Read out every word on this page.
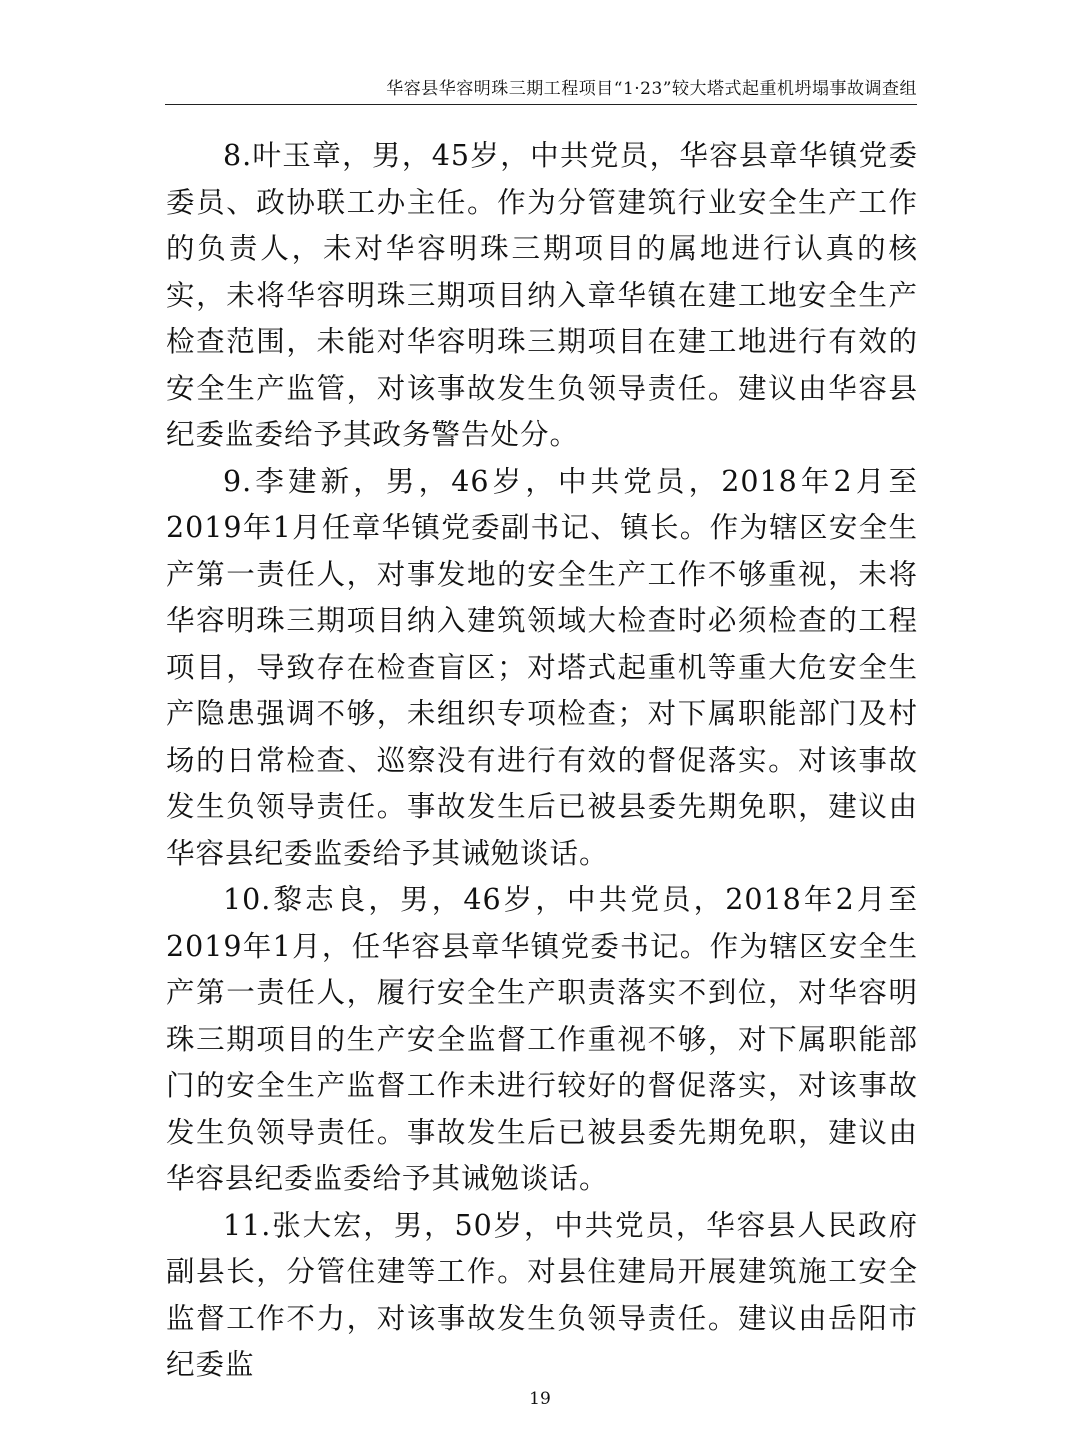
华容县华容明珠三期工程项目“1·23”较大塔式起重机坍塌事故调查组

8.叶玉章，男，45岁，中共党员，华容县章华镇党委委员、政协联工办主任。作为分管建筑行业安全生产工作的负责人，未对华容明珠三期项目的属地进行认真的核实，未将华容明珠三期项目纳入章华镇在建工地安全生产检查范围，未能对华容明珠三期项目在建工地进行有效的安全生产监管，对该事故发生负领导责任。建议由华容县纪委监委给予其政务警告处分。

9.李建新，男，46岁，中共党员，2018年2月至2019年1月任章华镇党委副书记、镇长。作为辖区安全生产第一责任人，对事发地的安全生产工作不够重视，未将华容明珠三期项目纳入建筑领域大检查时必须检查的工程项目，导致存在检查盲区；对塔式起重机等重大危安全生产隐患强调不够，未组织专项检查；对下属职能部门及村场的日常检查、巡察没有进行有效的督促落实。对该事故发生负领导责任。事故发生后已被县委先期免职，建议由华容县纪委监委给予其诫勉谈话。

10.黎志良，男，46岁，中共党员，2018年2月至2019年1月，任华容县章华镇党委书记。作为辖区安全生产第一责任人，履行安全生产职责落实不到位，对华容明珠三期项目的生产安全监督工作重视不够，对下属职能部门的安全生产监督工作未进行较好的督促落实，对该事故发生负领导责任。事故发生后已被县委先期免职，建议由华容县纪委监委给予其诫勉谈话。

11.张大宏，男，50岁，中共党员，华容县人民政府副县长，分管住建等工作。对县住建局开展建筑施工安全监督工作不力，对该事故发生负领导责任。建议由岳阳市纪委监

19
